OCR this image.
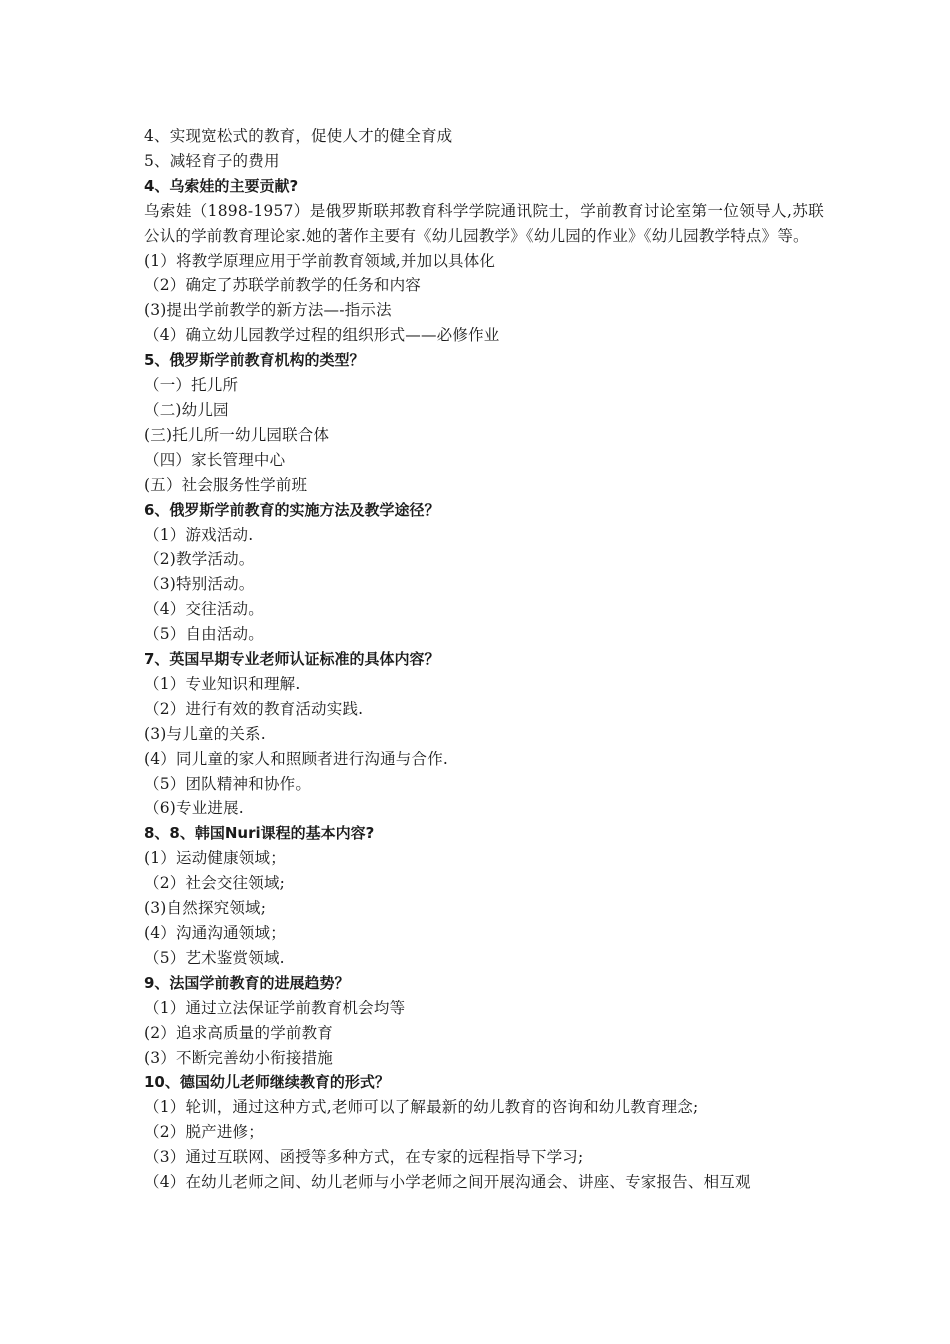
4、实现宽松式的教育，促使人才的健全育成
5、减轻育子的费用
4、乌索娃的主要贡献?
乌索娃（1898-1957）是俄罗斯联邦教育科学学院通讯院士，学前教育讨论室第一位领导人,苏联公认的学前教育理论家.她的著作主要有《幼儿园教学》《幼儿园的作业》《幼儿园教学特点》等。
(1）将教学原理应用于学前教育领域,并加以具体化
（2）确定了苏联学前教学的任务和内容
(3)提出学前教学的新方法—-指示法
（4）确立幼儿园教学过程的组织形式——必修作业
5、俄罗斯学前教育机构的类型？
（一）托儿所
（二)幼儿园
(三)托儿所一幼儿园联合体
（四）家长管理中心
(五）社会服务性学前班
6、俄罗斯学前教育的实施方法及教学途径？
（1）游戏活动.
（2)教学活动。
（3)特别活动。
（4）交往活动。
（5）自由活动。
7、英国早期专业老师认证标准的具体内容？
（1）专业知识和理解.
（2）进行有效的教育活动实践.
(3)与儿童的关系.
(4）同儿童的家人和照顾者进行沟通与合作.
（5）团队精神和协作。
（6)专业进展.
8、8、韩国Nuri课程的基本内容?
(1）运动健康领域；
（2）社会交往领域;
(3)自然探究领域;
(4）沟通沟通领域；
（5）艺术鉴赏领域.
9、法国学前教育的进展趋势？
（1）通过立法保证学前教育机会均等
(2）追求高质量的学前教育
(3）不断完善幼小衔接措施
10、德国幼儿老师继续教育的形式？
（1）轮训，通过这种方式,老师可以了解最新的幼儿教育的咨询和幼儿教育理念;
（2）脱产进修；
（3）通过互联网、函授等多种方式，在专家的远程指导下学习;
（4）在幼儿老师之间、幼儿老师与小学老师之间开展沟通会、讲座、专家报告、相互观
